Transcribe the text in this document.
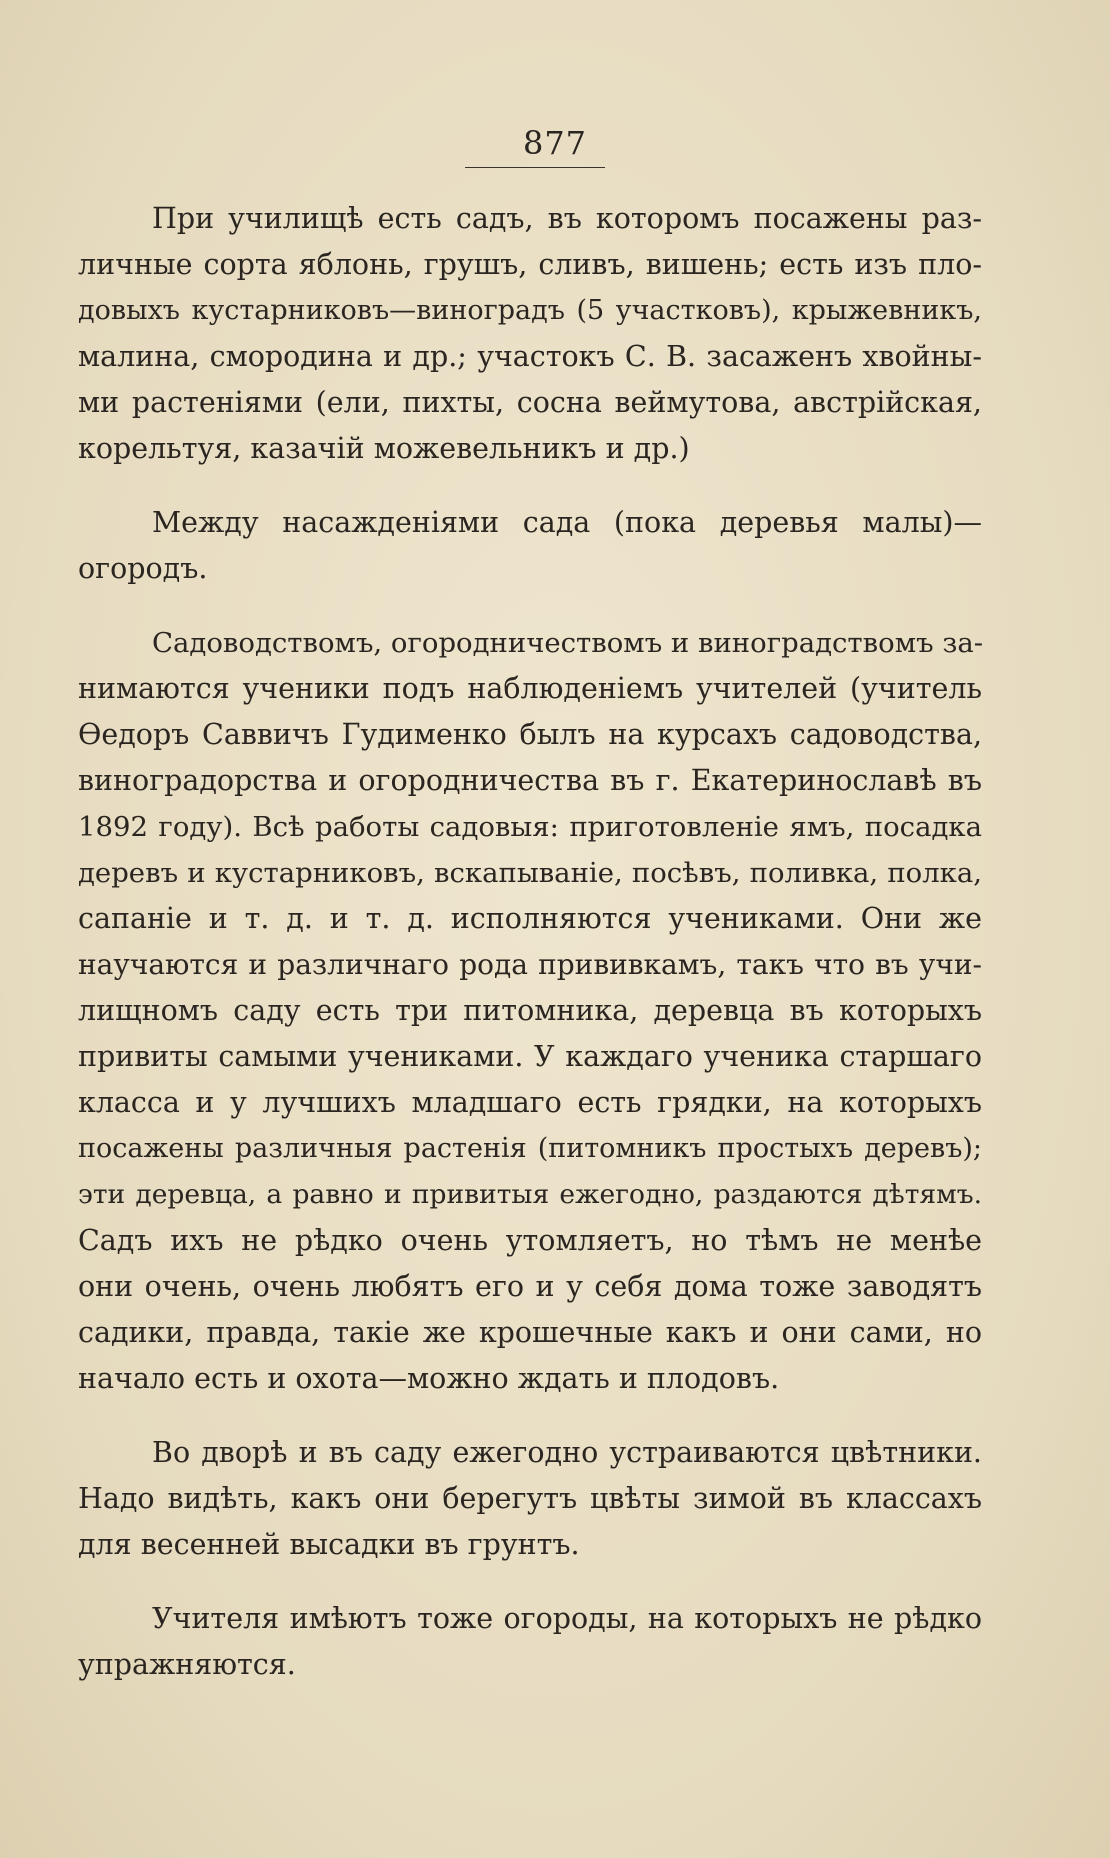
877
При училищѣ есть садъ, въ которомъ посажены раз-
личные сорта яблонь, грушъ, сливъ, вишень; есть изъ пло-
довыхъ кустарниковъ—виноградъ (5 участковъ), крыжевникъ,
малина, смородина и др.; участокъ С. В. засаженъ хвойны-
ми растеніями (ели, пихты, сосна веймутова, австрійская,
корельтуя, казачій можевельникъ и др.)
Между насажденіями сада (пока деревья малы)—
огородъ.
Садоводствомъ, огородничествомъ и виноградствомъ за-
нимаются ученики подъ наблюденіемъ учителей (учитель
Ѳедоръ Саввичъ Гудименко былъ на курсахъ садоводства,
виноградорства и огородничества въ г. Екатеринославѣ въ
1892 году). Всѣ работы садовыя: приготовленіе ямъ, посадка
деревъ и кустарниковъ, вскапываніе, посѣвъ, поливка, полка,
сапаніе и т. д. и т. д. исполняются учениками. Они же
научаются и различнаго рода прививкамъ, такъ что въ учи-
лищномъ саду есть три питомника, деревца въ которыхъ
привиты самыми учениками. У каждаго ученика старшаго
класса и у лучшихъ младшаго есть грядки, на которыхъ
посажены различныя растенія (питомникъ простыхъ деревъ);
эти деревца, а равно и привитыя ежегодно, раздаются дѣтямъ.
Садъ ихъ не рѣдко очень утомляетъ, но тѣмъ не менѣе
они очень, очень любятъ его и у себя дома тоже заводятъ
садики, правда, такіе же крошечные какъ и они сами, но
начало есть и охота—можно ждать и плодовъ.
Во дворѣ и въ саду ежегодно устраиваются цвѣтники.
Надо видѣть, какъ они берегутъ цвѣты зимой въ классахъ
для весенней высадки въ грунтъ.
Учителя имѣютъ тоже огороды, на которыхъ не рѣдко
упражняются.
